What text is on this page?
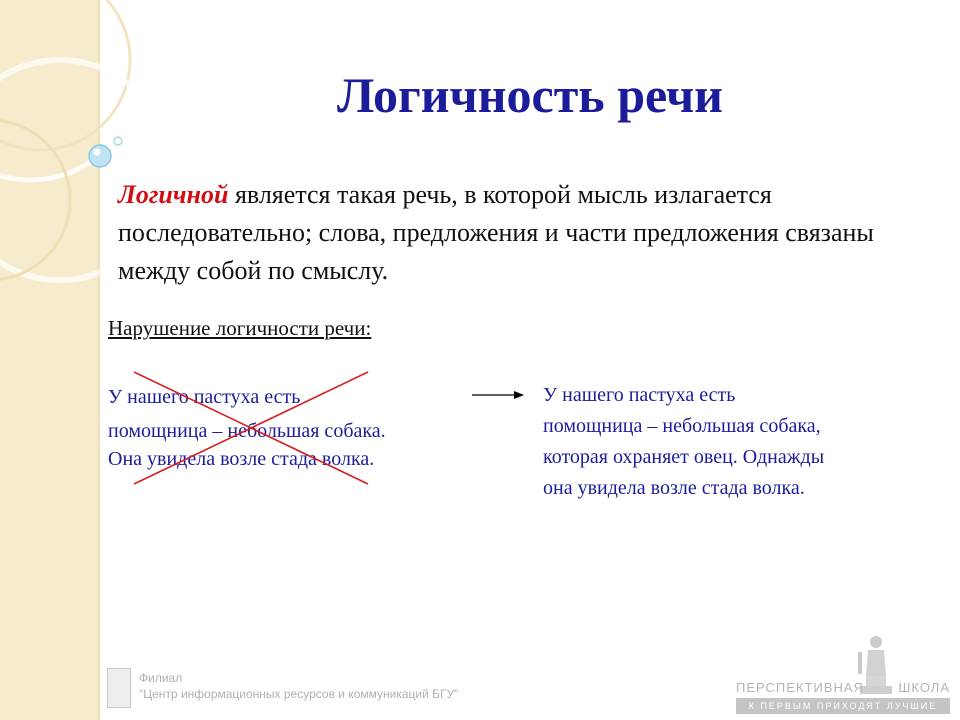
Логичность речи
Логичной является такая речь, в которой мысль излагается последовательно; слова, предложения и части предложения связаны между собой по смыслу.
Нарушение логичности речи:
У нашего пастуха есть
помощница – небольшая собака.
Она увидела возле стада волка.
У нашего пастуха есть
помощница – небольшая собака,
которая охраняет овец. Однажды
она увидела возле стада волка.
Филиал
"Центр информационных ресурсов и коммуникаций БГУ"	ПЕРСПЕКТИВНАЯ	ШКОЛА
К ПЕРВЫМ ПРИХОДЯТ ЛУЧШИЕ
